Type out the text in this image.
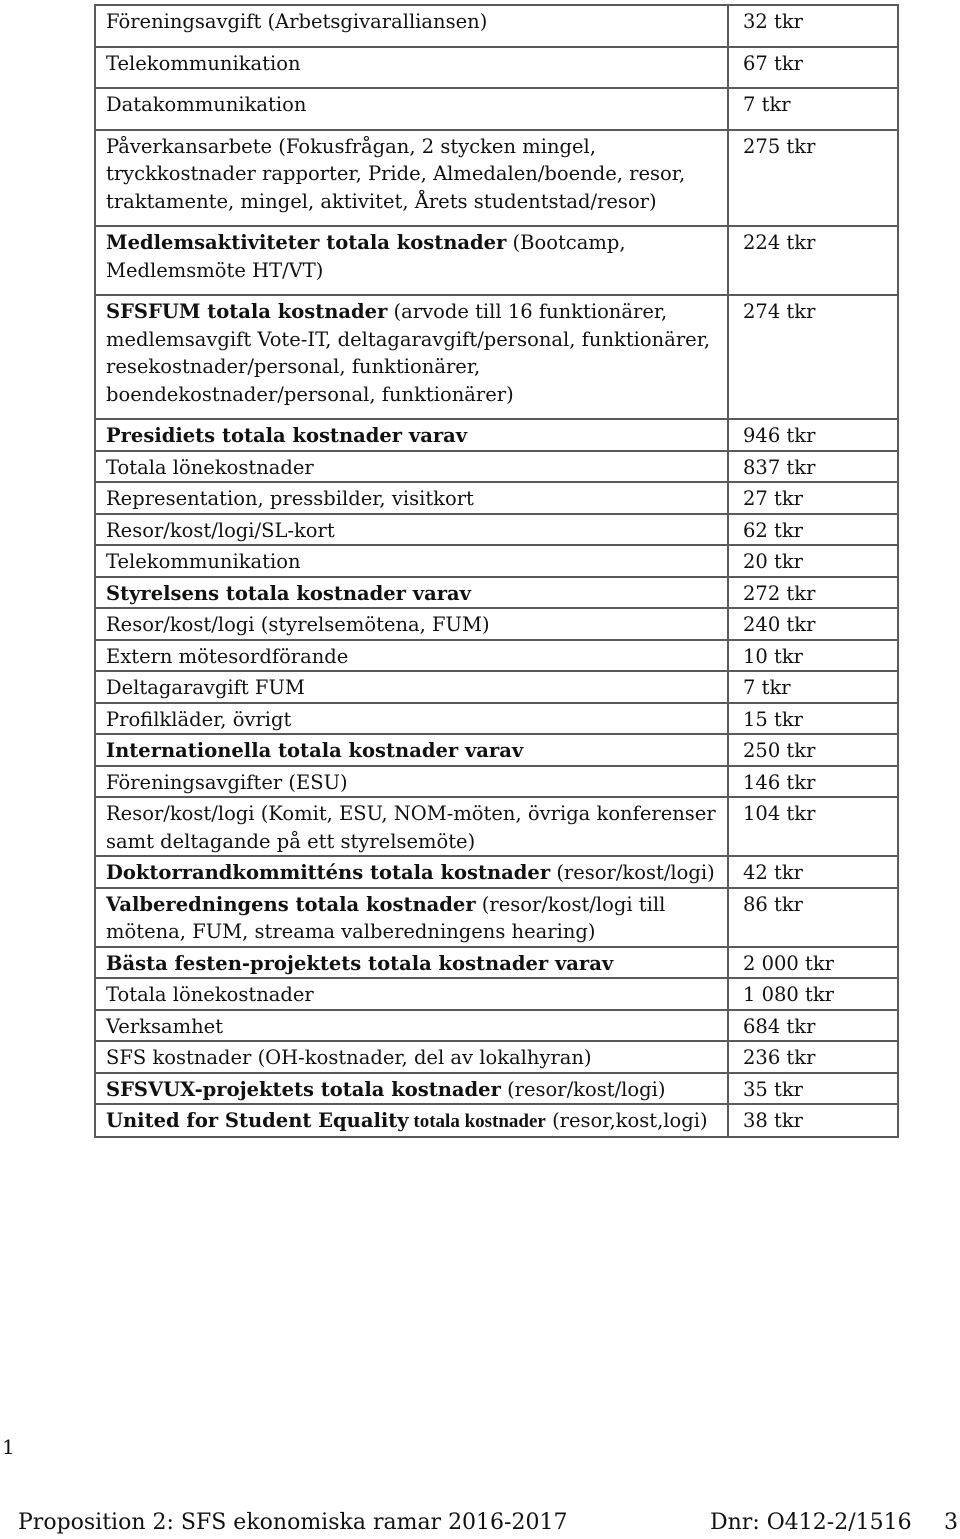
1
Föreningsavgift (Arbetsgivaralliansen)	32 tkr
Telekommunikation	67 tkr
Datakommunikation	7 tkr
Påverkansarbete (Fokusfrågan, 2 stycken mingel, tryckkostnader rapporter, Pride, Almedalen/boende, resor, traktamente, mingel, aktivitet, Årets studentstad/resor)	275 tkr
Medlemsaktiviteter totala kostnader (Bootcamp, Medlemsmöte HT/VT)	224 tkr
SFSFUM totala kostnader (arvode till 16 funktionärer, medlemsavgift Vote-IT, deltagaravgift/personal, funktionärer, resekostnader/personal, funktionärer, boendekostnader/personal, funktionärer)	274 tkr
Presidiets totala kostnader varav	946 tkr
Totala lönekostnader	837 tkr
Representation, pressbilder, visitkort	27 tkr
Resor/kost/logi/SL-kort	62 tkr
Telekommunikation	20 tkr
Styrelsens totala kostnader varav	272 tkr
Resor/kost/logi (styrelsemötena, FUM)	240 tkr
Extern mötesordförande	10 tkr
Deltagaravgift FUM	7 tkr
Profilkläder, övrigt	15 tkr
Internationella totala kostnader varav	250 tkr
Föreningsavgifter (ESU)	146 tkr
Resor/kost/logi (Komit, ESU, NOM-möten, övriga konferenser samt deltagande på ett styrelsemöte)	104 tkr
Doktorrandkommitténs totala kostnader (resor/kost/logi)	42 tkr
Valberedningens totala kostnader (resor/kost/logi till mötena, FUM, streama valberedningens hearing)	86 tkr
Bästa festen-projektets totala kostnader varav	2 000 tkr
Totala lönekostnader	1 080 tkr
Verksamhet	684 tkr
SFS kostnader (OH-kostnader, del av lokalhyran)	236 tkr
SFSVUX-projektets totala kostnader (resor/kost/logi)	35 tkr
United for Student Equality totala kostnader (resor,kost,logi)	38 tkr
Proposition 2: SFS ekonomiska ramar 2016-2017	Dnr: O412-2/1516 3
